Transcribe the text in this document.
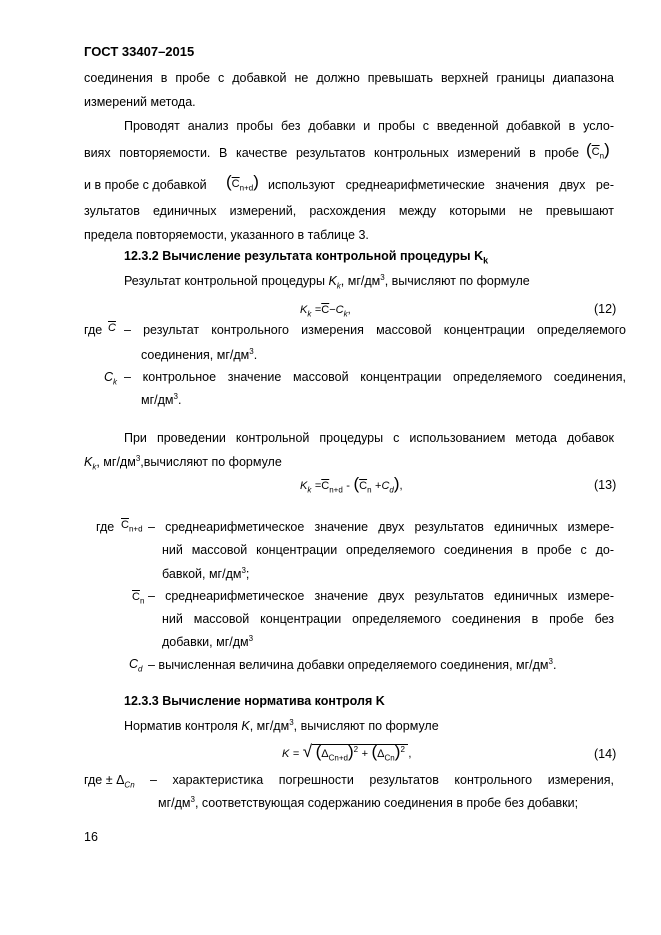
ГОСТ 33407–2015
соединения в пробе с добавкой не должно превышать верхней границы диапазона
измерений метода.
Проводят анализ пробы без добавки и пробы с введенной добавкой в усло-
виях повторяемости. В качестве результатов контрольных измерений в пробе $(\overline{C}_n)$
и в пробе с добавкой $(\overline{C}_{n+d})$ используют среднеарифметические значения двух ре-
зультатов единичных измерений, расхождения между которыми не превышают
предела повторяемости, указанного в таблице 3.
12.3.2 Вычисление результата контрольной процедуры $K_k$
Результат контрольной процедуры $K_k$, $мг/дм^3$, вычисляют по формуле
$K_k =\overline{C}-C_k$,	(12)
где $\overline{C}$ – результат контрольного измерения массовой концентрации определяемого
соединения, $мг/дм^3$.
$C_k$ – контрольное значение массовой концентрации определяемого соединения,
$мг/дм^3$.
При проведении контрольной процедуры с использованием метода добавок
$K_k$, $мг/дм^3,вычисляют$ по формуле
$K_k =\overline{C}_{n+d} - (\overline{C}_n +C_d)$,	(13)
где $\overline{C}_{n+d}$ – среднеарифметическое значение двух результатов единичных измере-
ний массовой концентрации определяемого соединения в пробе с до-
бавкой, $мг/дм^3$;
$\overline{C}_n$ – среднеарифметическое значение двух результатов единичных измере-
ний массовой концентрации определяемого соединения в пробе без
добавки, $мг/дм^3$
$C_d$ – вычисленная величина добавки определяемого соединения, $мг/дм^3$.
12.3.3 Вычисление норматива контроля K
Норматив контроля K, $мг/дм^3$, вычисляют по формуле
K = √ $(\Delta_{Cn+d})^2 + (\Delta_{Cn})^2$ ,	(14)
где ± $\Delta_{Cn}$ – характеристика погрешности результатов контрольного измерения,
$мг/дм^3$, соответствующая содержанию соединения в пробе без добавки;
16
